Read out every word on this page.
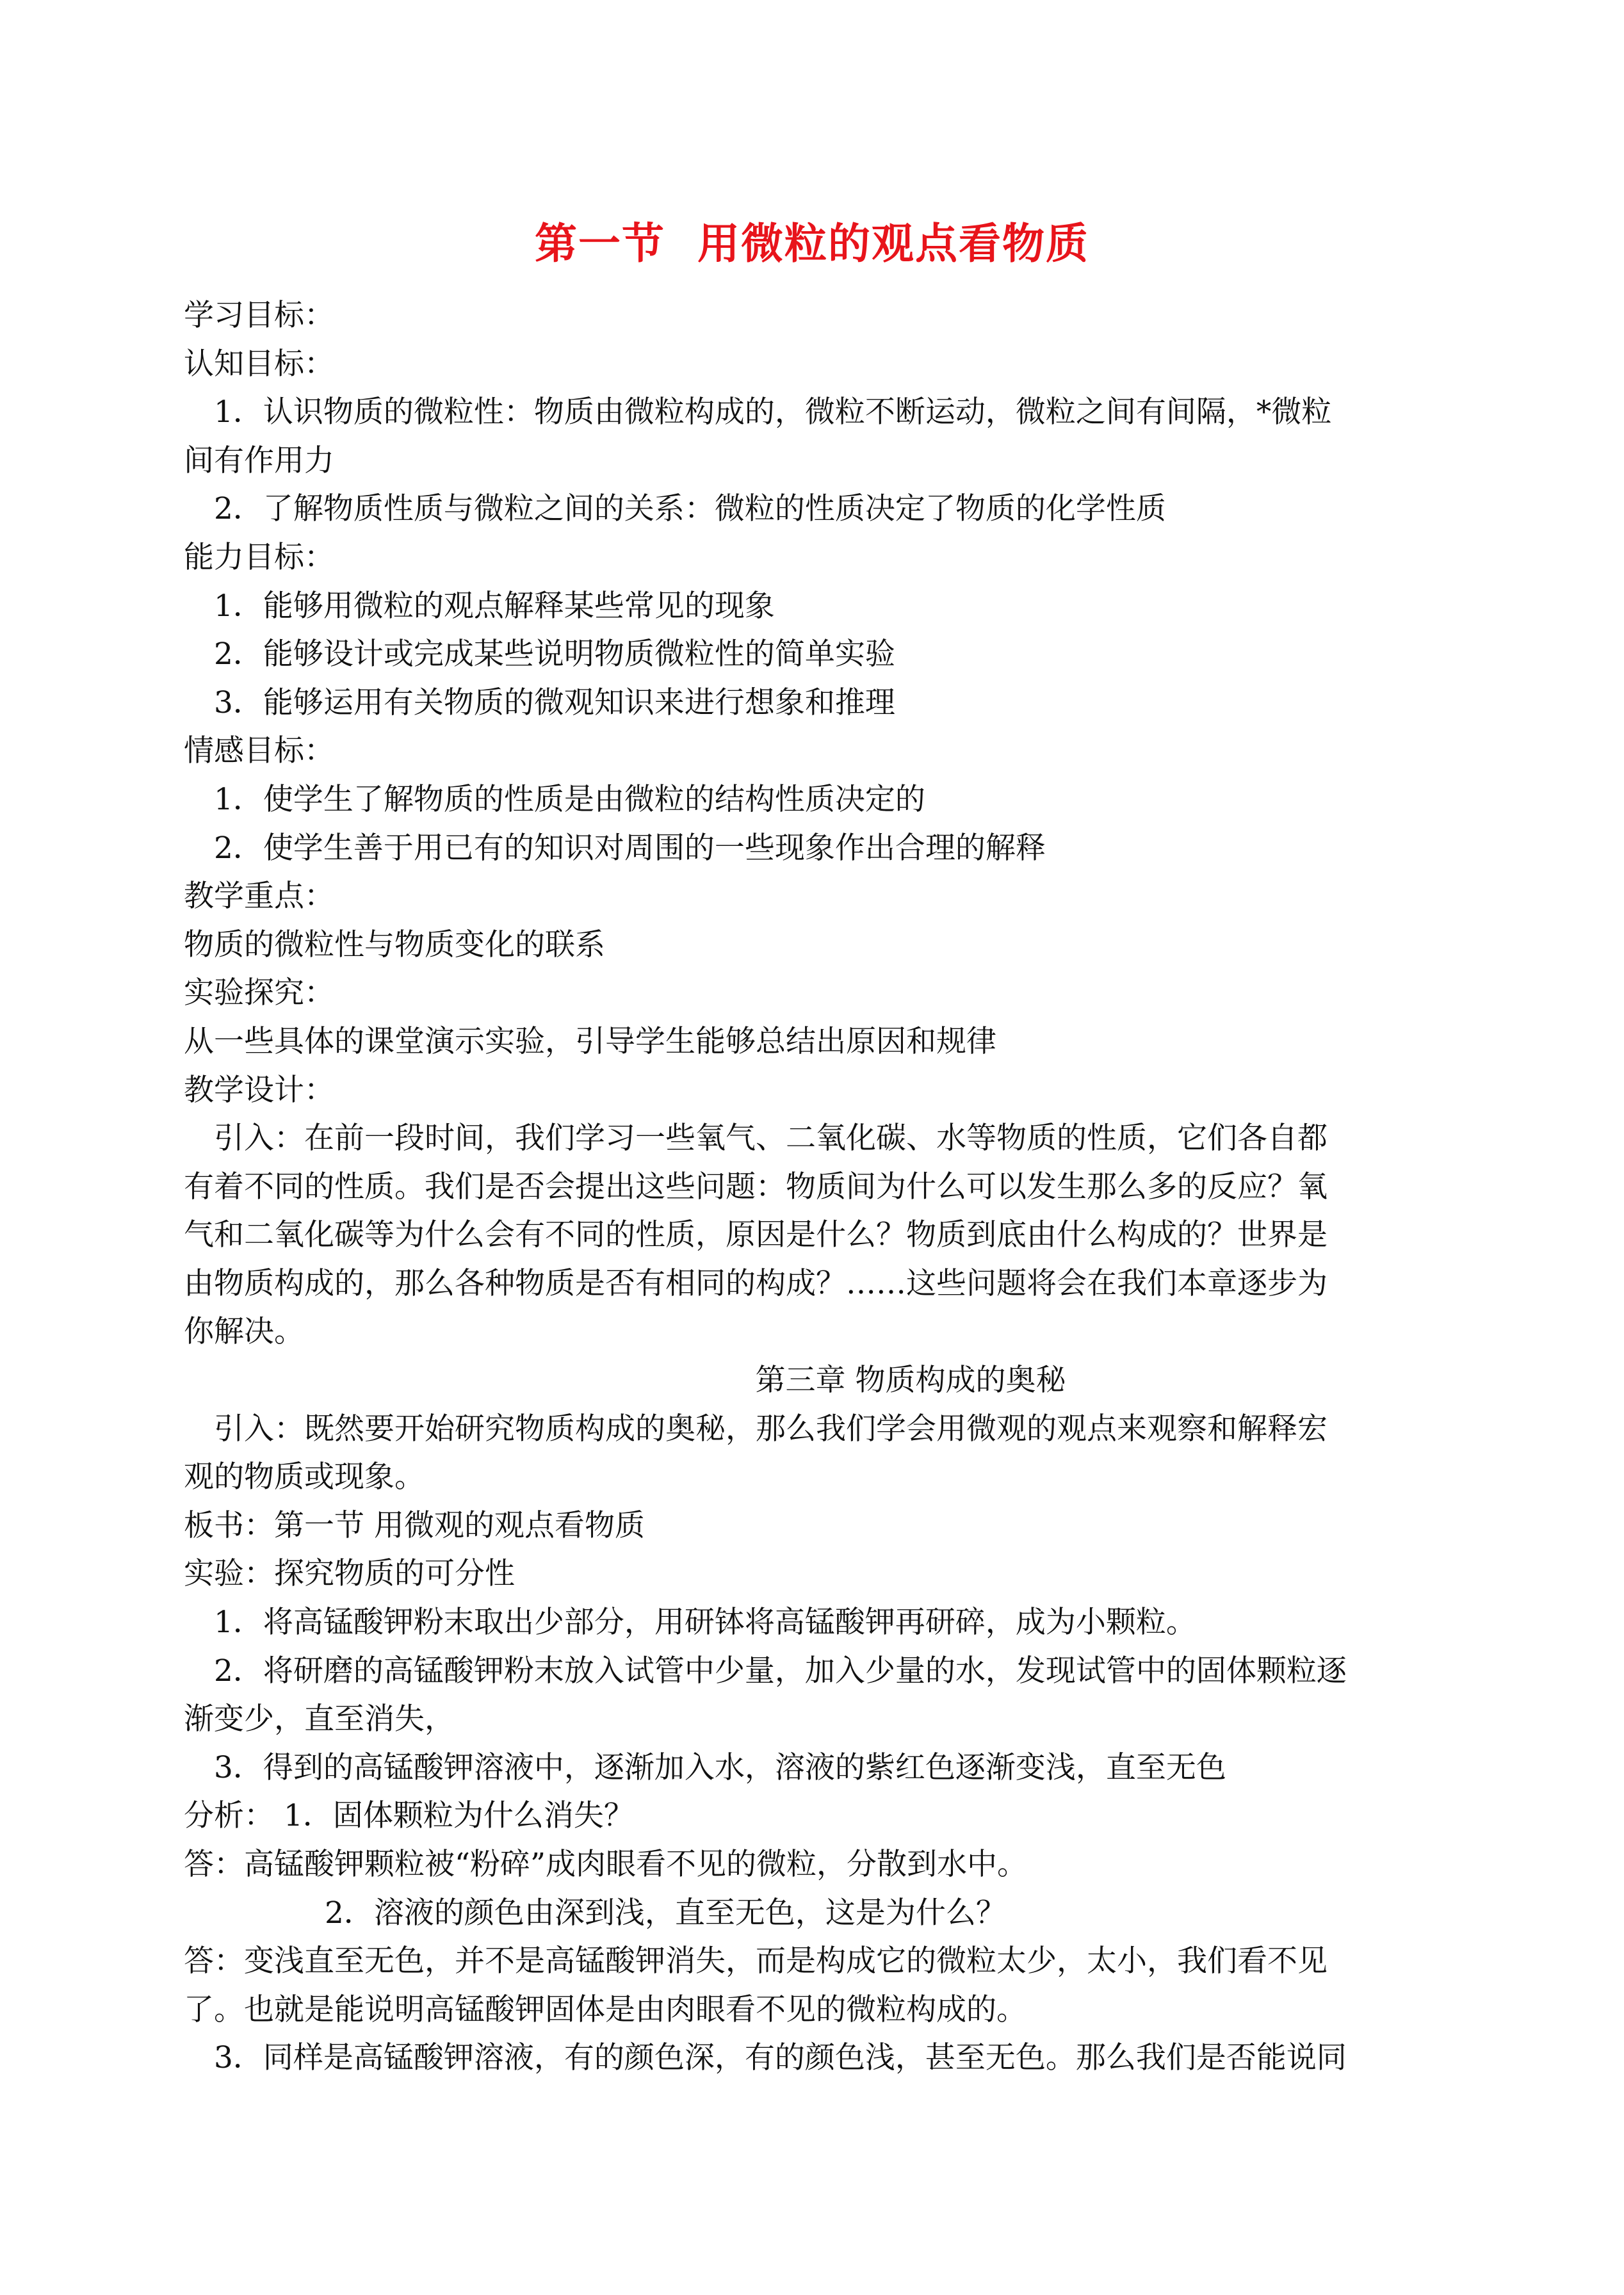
第一节  用微粒的观点看物质
学习目标：
认知目标：
1．认识物质的微粒性：物质由微粒构成的，微粒不断运动，微粒之间有间隔，*微粒
间有作用力
2．了解物质性质与微粒之间的关系：微粒的性质决定了物质的化学性质
能力目标：
1．能够用微粒的观点解释某些常见的现象
2．能够设计或完成某些说明物质微粒性的简单实验
3．能够运用有关物质的微观知识来进行想象和推理
情感目标：
1．使学生了解物质的性质是由微粒的结构性质决定的
2．使学生善于用已有的知识对周围的一些现象作出合理的解释
教学重点：
物质的微粒性与物质变化的联系
实验探究：
从一些具体的课堂演示实验，引导学生能够总结出原因和规律
教学设计：
引入：在前一段时间，我们学习一些氧气、二氧化碳、水等物质的性质，它们各自都
有着不同的性质。我们是否会提出这些问题：物质间为什么可以发生那么多的反应？氧
气和二氧化碳等为什么会有不同的性质，原因是什么？物质到底由什么构成的？世界是
由物质构成的，那么各种物质是否有相同的构成？……这些问题将会在我们本章逐步为
你解决。
第三章 物质构成的奥秘
引入：既然要开始研究物质构成的奥秘，那么我们学会用微观的观点来观察和解释宏
观的物质或现象。
板书：第一节 用微观的观点看物质
实验：探究物质的可分性
1．将高锰酸钾粉末取出少部分，用研钵将高锰酸钾再研碎，成为小颗粒。
2．将研磨的高锰酸钾粉末放入试管中少量，加入少量的水，发现试管中的固体颗粒逐
渐变少，直至消失，
3．得到的高锰酸钾溶液中，逐渐加入水，溶液的紫红色逐渐变浅，直至无色
分析： 1．固体颗粒为什么消失？
答：高锰酸钾颗粒被“粉碎”成肉眼看不见的微粒，分散到水中。
2．溶液的颜色由深到浅，直至无色，这是为什么？
答：变浅直至无色，并不是高锰酸钾消失，而是构成它的微粒太少，太小，我们看不见
了。也就是能说明高锰酸钾固体是由肉眼看不见的微粒构成的。
3．同样是高锰酸钾溶液，有的颜色深，有的颜色浅，甚至无色。那么我们是否能说同
